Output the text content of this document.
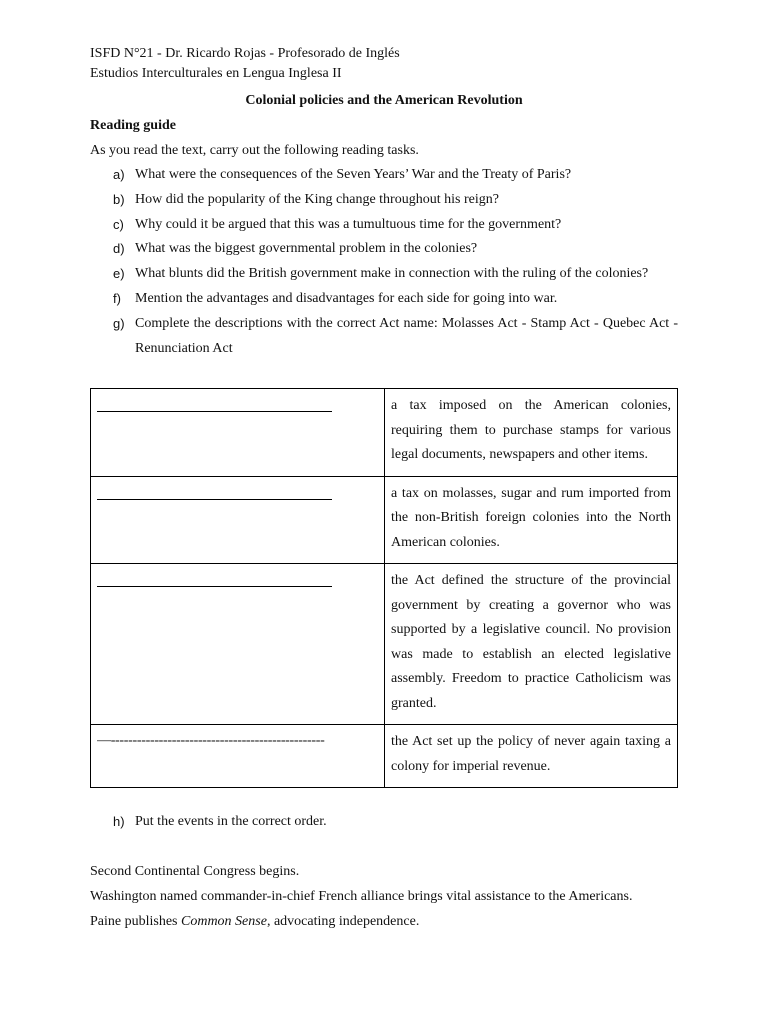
ISFD N°21 - Dr. Ricardo Rojas - Profesorado de Inglés

Estudios Interculturales en Lengua Inglesa II

Colonial policies and the American Revolution
Reading guide
As you read the text, carry out the following reading tasks.
a) What were the consequences of the Seven Years’ War and the Treaty of Paris?
b) How did the popularity of the King change throughout his reign?
c) Why could it be argued that this was a tumultuous time for the government?
d) What was the biggest governmental problem in the colonies?
e) What blunts did the British government make in connection with the ruling of the colonies?
f) Mention the advantages and disadvantages for each side for going into war.
g) Complete the descriptions with the correct Act name: Molasses Act - Stamp Act - Quebec Act - Renunciation Act
	a tax imposed on the American colonies, requiring them to purchase stamps for various legal documents, newspapers and other items.

	a tax on molasses, sugar and rum imported from the non-British foreign colonies into the North American colonies.

	the Act defined the structure of the provincial government by creating a governor who was supported by a legislative council. No provision was made to establish an elected legislative assembly. Freedom to practice Catholicism was granted.

—-------------------------------------------------	the Act set up the policy of never again taxing a colony for imperial revenue.
h) Put the events in the correct order.

Second Continental Congress begins.

Washington named commander-in-chief French alliance brings vital assistance to the Americans.

Paine publishes Common Sense, advocating independence.
